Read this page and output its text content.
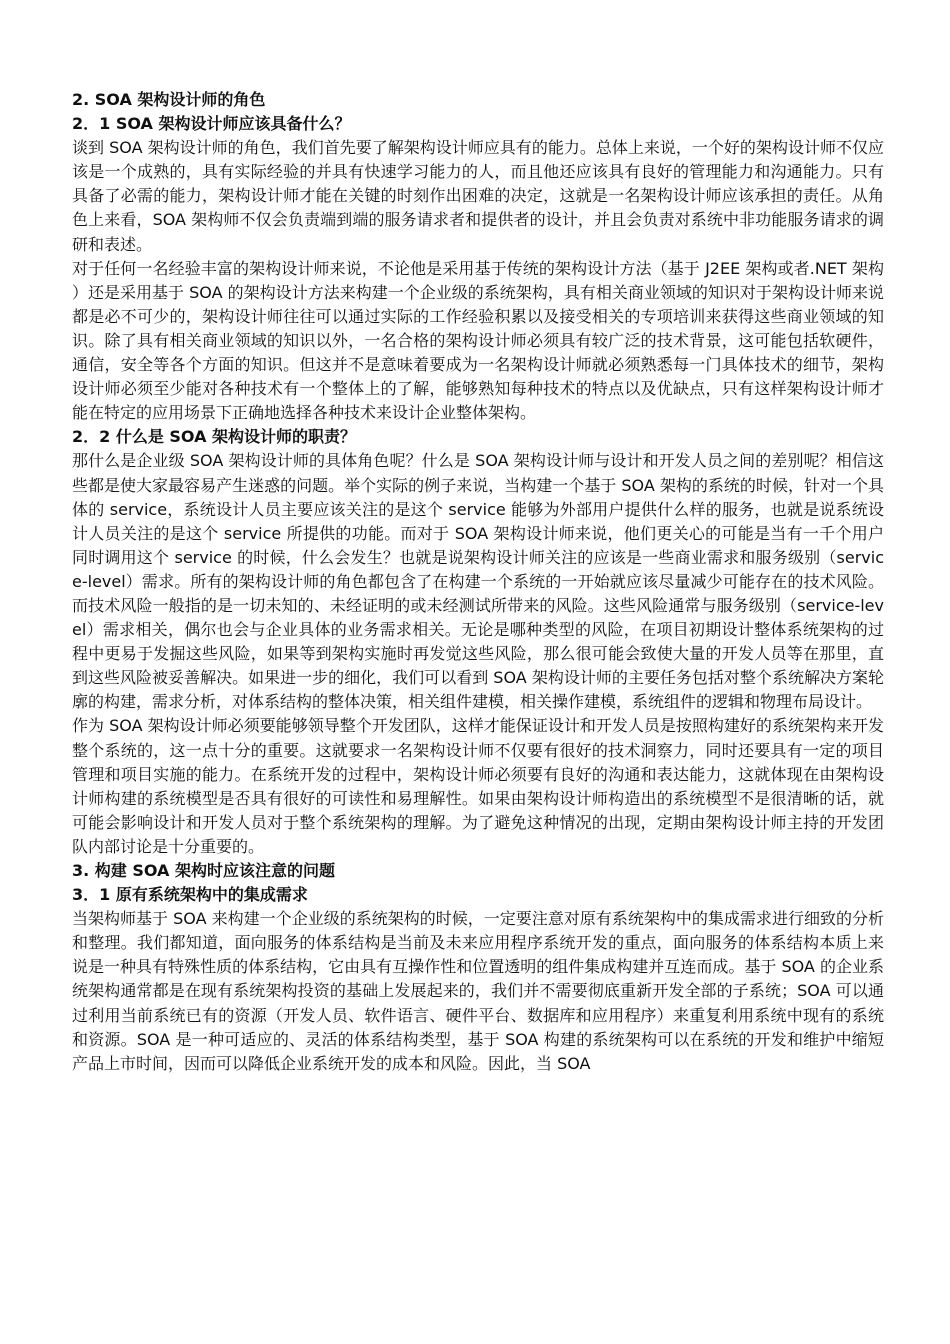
2. SOA 架构设计师的角色
2．1 SOA 架构设计师应该具备什么？

谈到 SOA 架构设计师的角色，我们首先要了解架构设计师应具有的能力。总体上来说，一个好的架构设计师不仅应该是一个成熟的，具有实际经验的并具有快速学习能力的人，而且他还应该具有良好的管理能力和沟通能力。只有具备了必需的能力，架构设计师才能在关键的时刻作出困难的决定，这就是一名架构设计师应该承担的责任。从角色上来看，SOA 架构师不仅会负责端到端的服务请求者和提供者的设计，并且会负责对系统中非功能服务请求的调研和表述。

对于任何一名经验丰富的架构设计师来说，不论他是采用基于传统的架构设计方法（基于 J2EE 架构或者.NET 架构）还是采用基于 SOA 的架构设计方法来构建一个企业级的系统架构，具有相关商业领域的知识对于架构设计师来说都是必不可少的，架构设计师往往可以通过实际的工作经验积累以及接受相关的专项培训来获得这些商业领域的知识。除了具有相关商业领域的知识以外，一名合格的架构设计师必须具有较广泛的技术背景，这可能包括软硬件，通信，安全等各个方面的知识。但这并不是意味着要成为一名架构设计师就必须熟悉每一门具体技术的细节，架构设计师必须至少能对各种技术有一个整体上的了解，能够熟知每种技术的特点以及优缺点，只有这样架构设计师才能在特定的应用场景下正确地选择各种技术来设计企业整体架构。

2．2 什么是 SOA 架构设计师的职责？

那什么是企业级 SOA 架构设计师的具体角色呢？什么是 SOA 架构设计师与设计和开发人员之间的差别呢？相信这些都是使大家最容易产生迷惑的问题。举个实际的例子来说，当构建一个基于 SOA 架构的系统的时候，针对一个具体的 service，系统设计人员主要应该关注的是这个 service 能够为外部用户提供什么样的服务，也就是说系统设计人员关注的是这个 service 所提供的功能。而对于 SOA 架构设计师来说，他们更关心的可能是当有一千个用户同时调用这个 service 的时候，什么会发生？也就是说架构设计师关注的应该是一些商业需求和服务级别（service-level）需求。所有的架构设计师的角色都包含了在构建一个系统的一开始就应该尽量减少可能存在的技术风险。而技术风险一般指的是一切未知的、未经证明的或未经测试所带来的风险。这些风险通常与服务级别（service-level）需求相关，偶尔也会与企业具体的业务需求相关。无论是哪种类型的风险，在项目初期设计整体系统架构的过程中更易于发掘这些风险，如果等到架构实施时再发觉这些风险，那么很可能会致使大量的开发人员等在那里，直到这些风险被妥善解决。如果进一步的细化，我们可以看到 SOA 架构设计师的主要任务包括对整个系统解决方案轮廓的构建，需求分析，对体系结构的整体决策，相关组件建模，相关操作建模，系统组件的逻辑和物理布局设计。

作为 SOA 架构设计师必须要能够领导整个开发团队，这样才能保证设计和开发人员是按照构建好的系统架构来开发整个系统的，这一点十分的重要。这就要求一名架构设计师不仅要有很好的技术洞察力，同时还要具有一定的项目管理和项目实施的能力。在系统开发的过程中，架构设计师必须要有良好的沟通和表达能力，这就体现在由架构设计师构建的系统模型是否具有很好的可读性和易理解性。如果由架构设计师构造出的系统模型不是很清晰的话，就可能会影响设计和开发人员对于整个系统架构的理解。为了避免这种情况的出现，定期由架构设计师主持的开发团队内部讨论是十分重要的。

3. 构建 SOA 架构时应该注意的问题
3．1 原有系统架构中的集成需求

当架构师基于 SOA 来构建一个企业级的系统架构的时候，一定要注意对原有系统架构中的集成需求进行细致的分析和整理。我们都知道，面向服务的体系结构是当前及未来应用程序系统开发的重点，面向服务的体系结构本质上来说是一种具有特殊性质的体系结构，它由具有互操作性和位置透明的组件集成构建并互连而成。基于 SOA 的企业系统架构通常都是在现有系统架构投资的基础上发展起来的，我们并不需要彻底重新开发全部的子系统；SOA 可以通过利用当前系统已有的资源（开发人员、软件语言、硬件平台、数据库和应用程序）来重复利用系统中现有的系统和资源。SOA 是一种可适应的、灵活的体系结构类型，基于 SOA 构建的系统架构可以在系统的开发和维护中缩短产品上市时间，因而可以降低企业系统开发的成本和风险。因此，当 SOA
